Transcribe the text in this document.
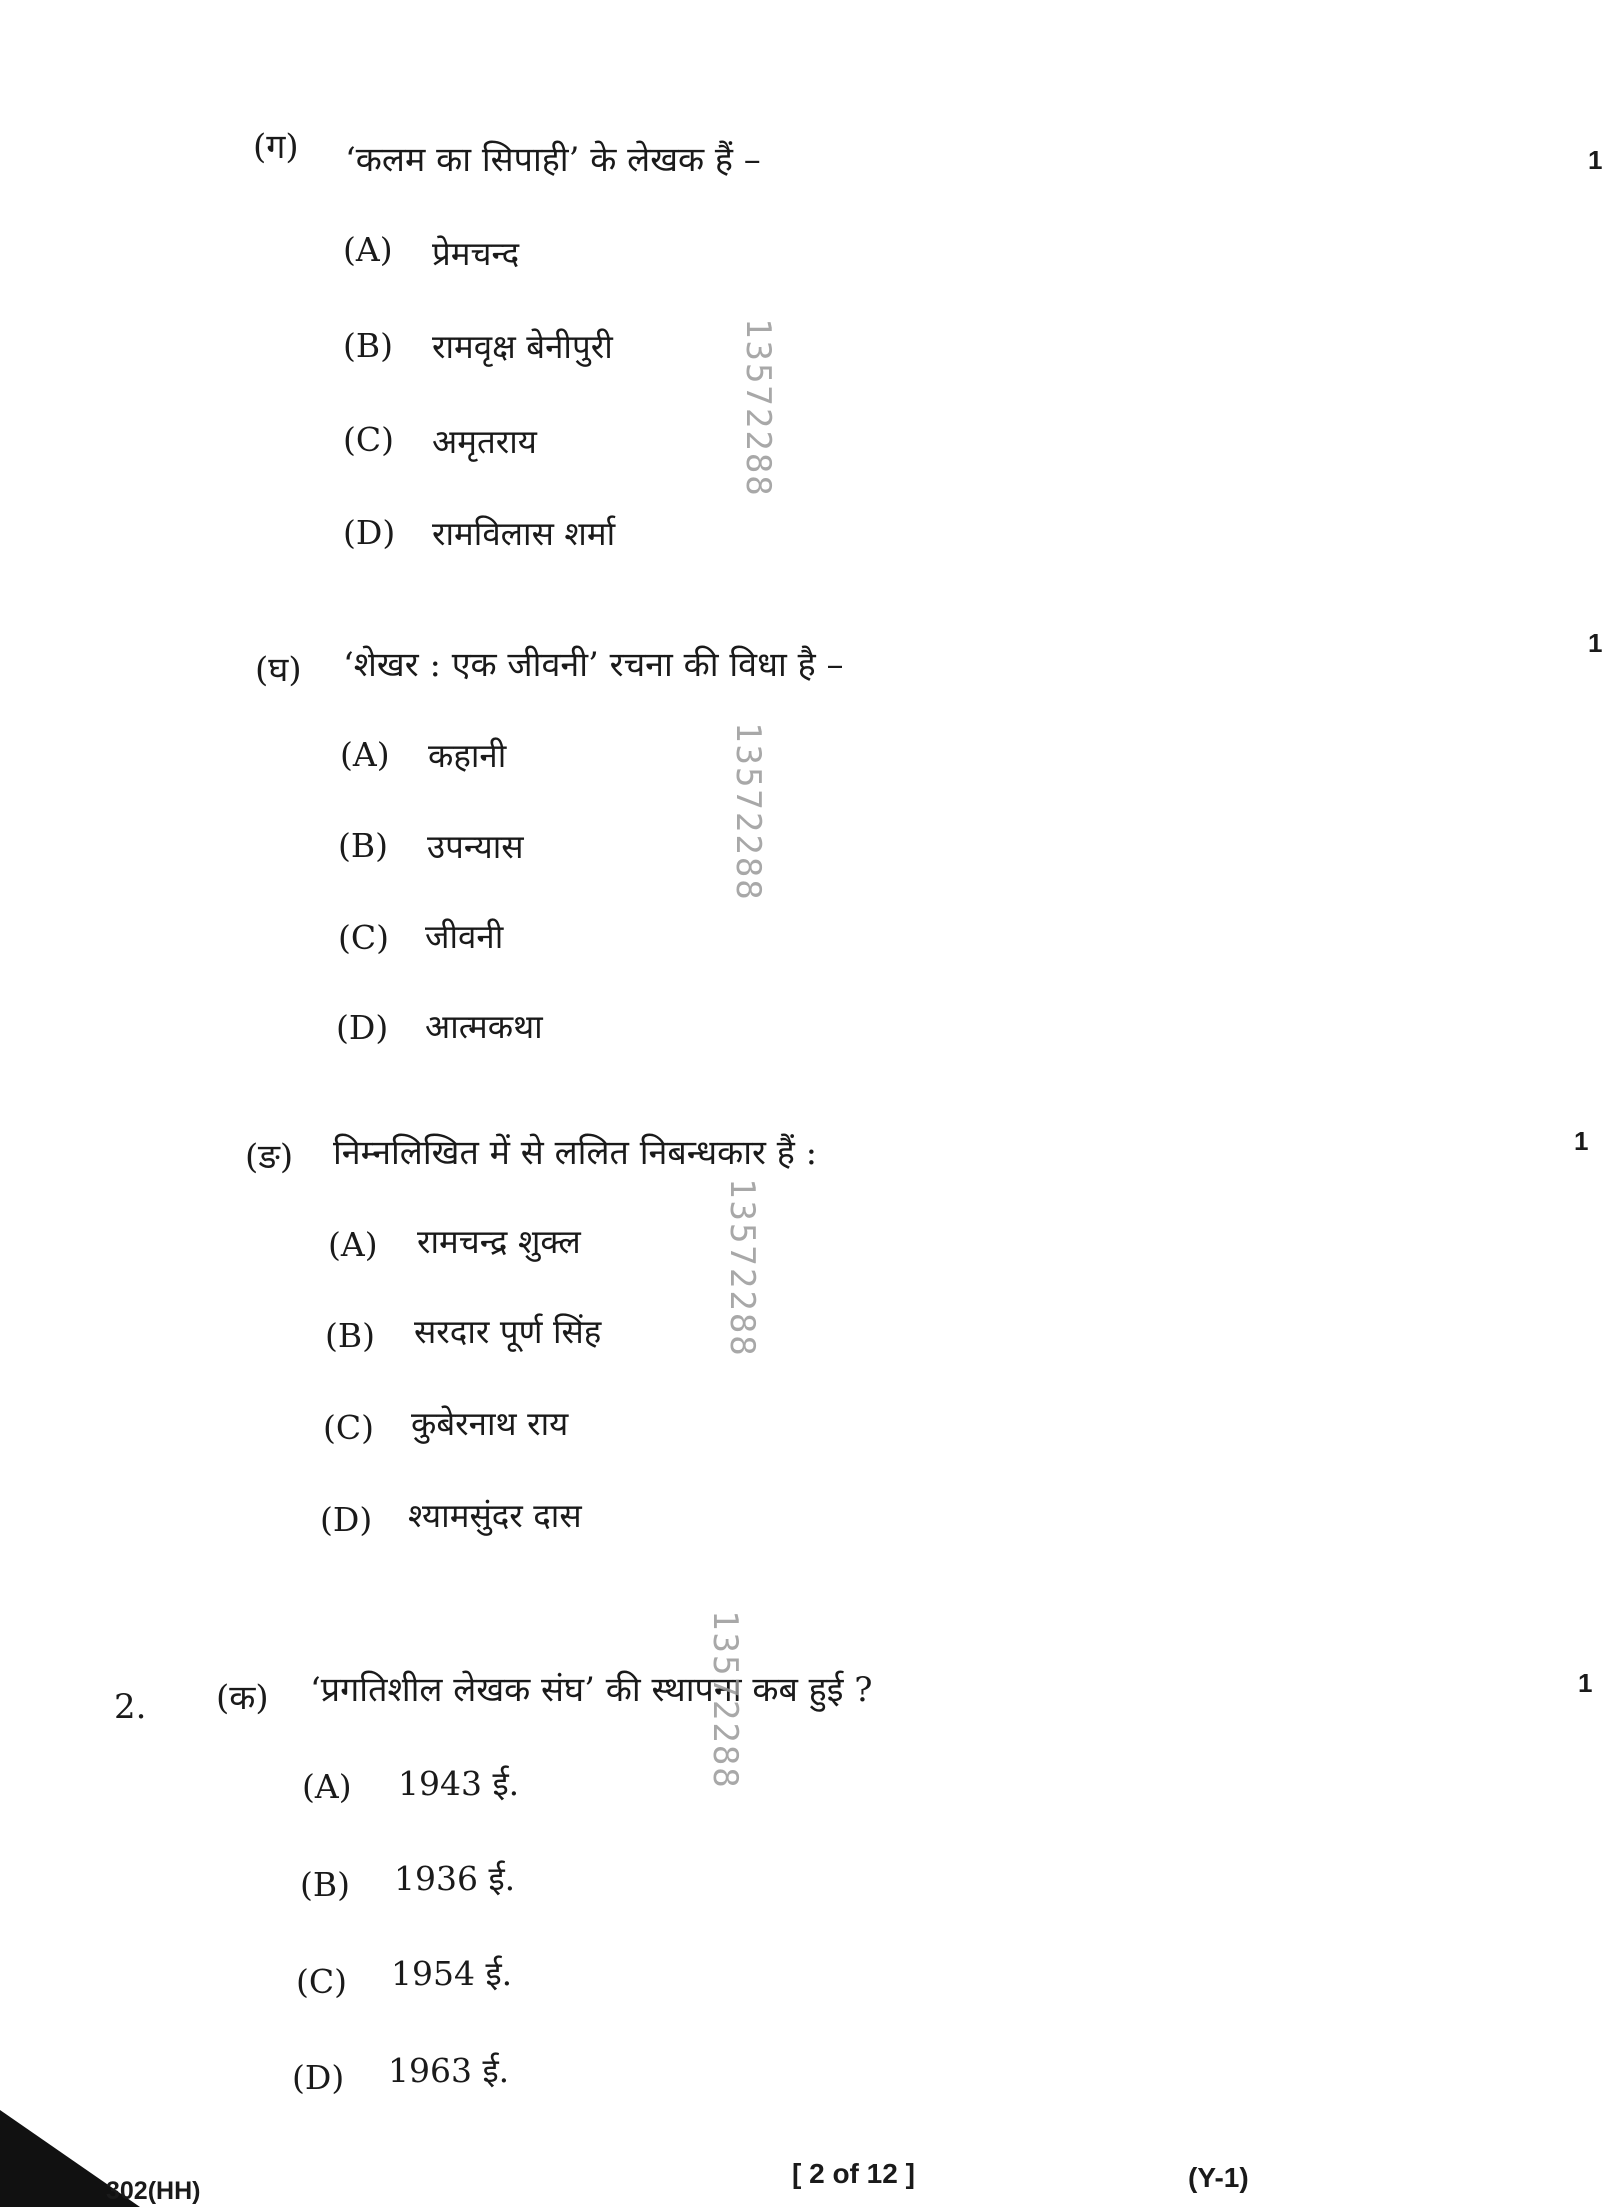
(ग) ‘कलम का सिपाही’ के लेखक हैं –	1
(A) प्रेमचन्द
(B) रामवृक्ष बेनीपुरी
(C) अमृतराय
(D) रामविलास शर्मा
(घ) ‘शेखर : एक जीवनी’ रचना की विधा है –
1
(A) कहानी
(B) उपन्यास
(C) जीवनी
(D) आत्मकथा
(ङ) निम्नलिखित में से ललित निबन्धकार हैं :	1
(A) रामचन्द्र शुक्ल
(B) सरदार पूर्ण सिंह
(C) कुबेरनाथ राय
(D) श्यामसुंदर दास
2. (क) ‘प्रगतिशील लेखक संघ’ की स्थापना कब हुई ?	1
(A) 1943 ई.
(B) 1936 ई.
(C) 1954 ई.
(D) 1963 ई.
13572288
13572288
13572288
13572288
302(HH)
[ 2 of 12 ]	(Y-1)
